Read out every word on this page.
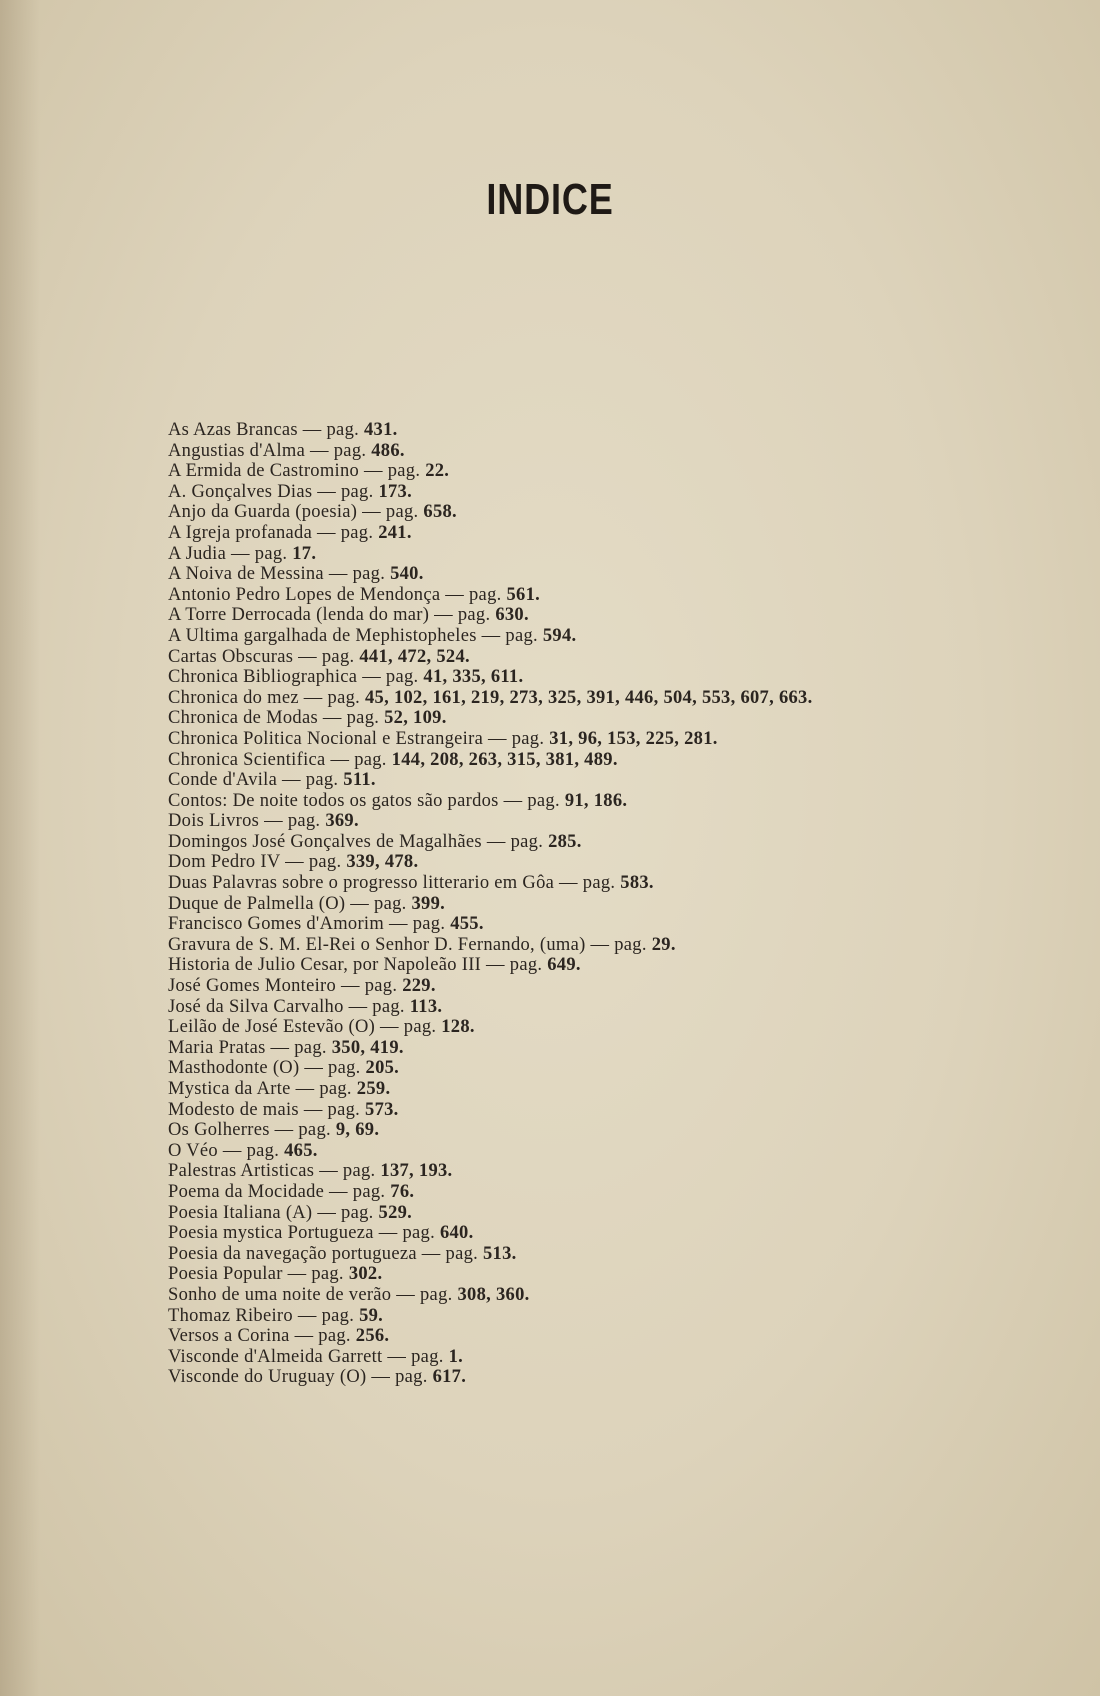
INDICE
As Azas Brancas — pag. 431.
Angustias d'Alma — pag. 486.
A Ermida de Castromino — pag. 22.
A. Gonçalves Dias — pag. 173.
Anjo da Guarda (poesia) — pag. 658.
A Igreja profanada — pag. 241.
A Judia — pag. 17.
A Noiva de Messina — pag. 540.
Antonio Pedro Lopes de Mendonça — pag. 561.
A Torre Derrocada (lenda do mar) — pag. 630.
A Ultima gargalhada de Mephistopheles — pag. 594.
Cartas Obscuras — pag. 441, 472, 524.
Chronica Bibliographica — pag. 41, 335, 611.
Chronica do mez — pag. 45, 102, 161, 219, 273, 325, 391, 446, 504, 553, 607, 663.
Chronica de Modas — pag. 52, 109.
Chronica Politica Nocional e Estrangeira — pag. 31, 96, 153, 225, 281.
Chronica Scientifica — pag. 144, 208, 263, 315, 381, 489.
Conde d'Avila — pag. 511.
Contos: De noite todos os gatos são pardos — pag. 91, 186.
Dois Livros — pag. 369.
Domingos José Gonçalves de Magalhães — pag. 285.
Dom Pedro IV — pag. 339, 478.
Duas Palavras sobre o progresso litterario em Gôa — pag. 583.
Duque de Palmella (O) — pag. 399.
Francisco Gomes d'Amorim — pag. 455.
Gravura de S. M. El-Rei o Senhor D. Fernando, (uma) — pag. 29.
Historia de Julio Cesar, por Napoleão III — pag. 649.
José Gomes Monteiro — pag. 229.
José da Silva Carvalho — pag. 113.
Leilão de José Estevão (O) — pag. 128.
Maria Pratas — pag. 350, 419.
Masthodonte (O) — pag. 205.
Mystica da Arte — pag. 259.
Modesto de mais — pag. 573.
Os Golherres — pag. 9, 69.
O Véo — pag. 465.
Palestras Artisticas — pag. 137, 193.
Poema da Mocidade — pag. 76.
Poesia Italiana (A) — pag. 529.
Poesia mystica Portugueza — pag. 640.
Poesia da navegação portugueza — pag. 513.
Poesia Popular — pag. 302.
Sonho de uma noite de verão — pag. 308, 360.
Thomaz Ribeiro — pag. 59.
Versos a Corina — pag. 256.
Visconde d'Almeida Garrett — pag. 1.
Visconde do Uruguay (O) — pag. 617.
